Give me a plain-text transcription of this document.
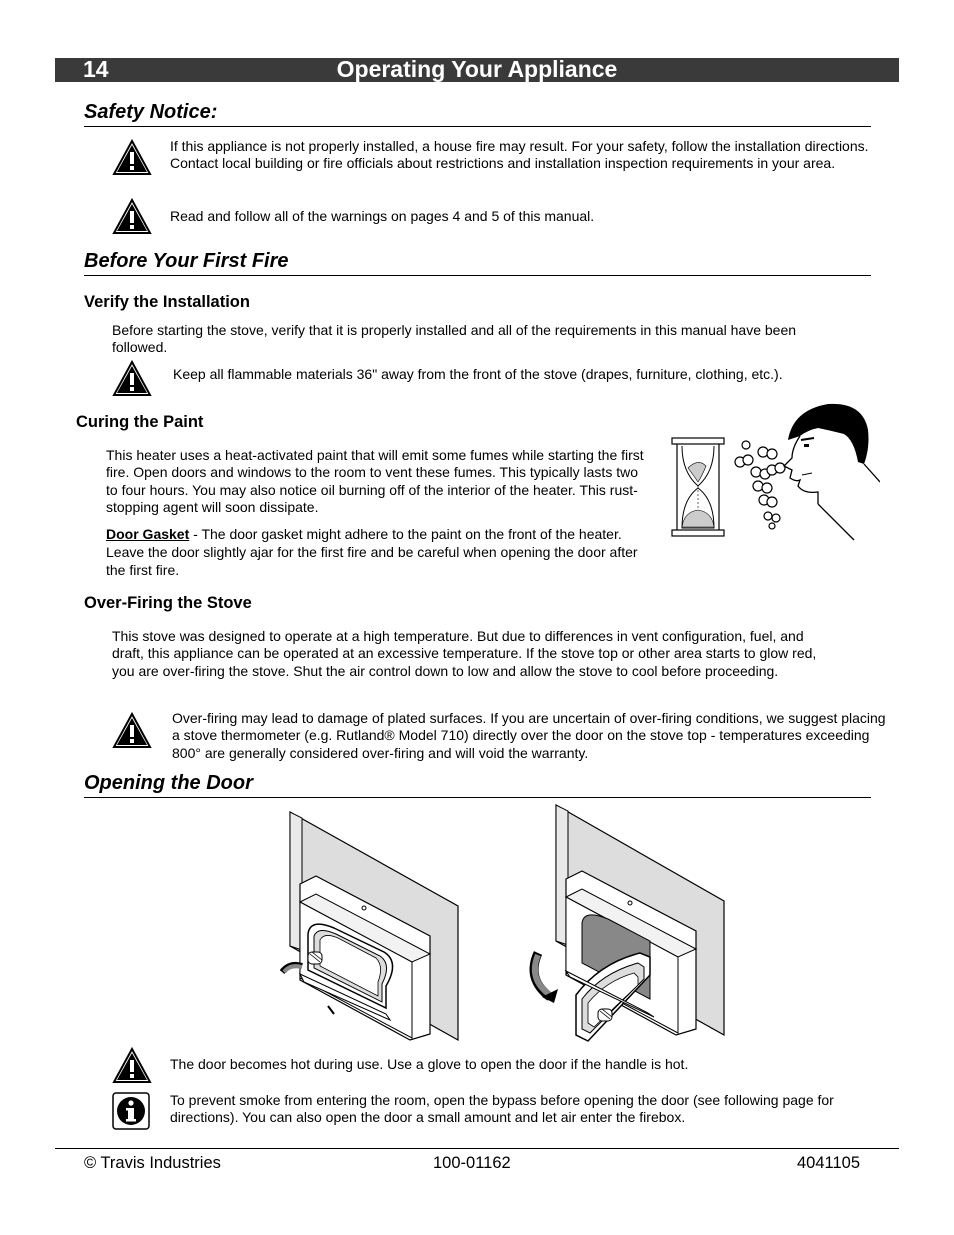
14	Operating Your Appliance
Safety Notice:
If this appliance is not properly installed, a house fire may result. For your safety, follow the installation directions. Contact local building or fire officials about restrictions and installation inspection requirements in your area.
Read and follow all of the warnings on pages 4 and 5 of this manual.
Before Your First Fire
Verify the Installation
Before starting the stove, verify that it is properly installed and all of the requirements in this manual have been followed.
Keep all flammable materials 36" away from the front of the stove (drapes, furniture, clothing, etc.).
Curing the Paint
This heater uses a heat-activated paint that will emit some fumes while starting the first fire. Open doors and windows to the room to vent these fumes. This typically lasts two to four hours. You may also notice oil burning off of the interior of the heater. This rust-stopping agent will soon dissipate.
Door Gasket - The door gasket might adhere to the paint on the front of the heater. Leave the door slightly ajar for the first fire and be careful when opening the door after the first fire.
Over-Firing the Stove
This stove was designed to operate at a high temperature. But due to differences in vent configuration, fuel, and draft, this appliance can be operated at an excessive temperature. If the stove top or other area starts to glow red, you are over-firing the stove. Shut the air control down to low and allow the stove to cool before proceeding.
Over-firing may lead to damage of plated surfaces. If you are uncertain of over-firing conditions, we suggest placing a stove thermometer (e.g. Rutland® Model 710) directly over the door on the stove top - temperatures exceeding 800° are generally considered over-firing and will void the warranty.
Opening the Door
The door becomes hot during use. Use a glove to open the door if the handle is hot.
To prevent smoke from entering the room, open the bypass before opening the door (see following page for directions). You can also open the door a small amount and let air enter the firebox.
© Travis Industries	100-01162	4041105
